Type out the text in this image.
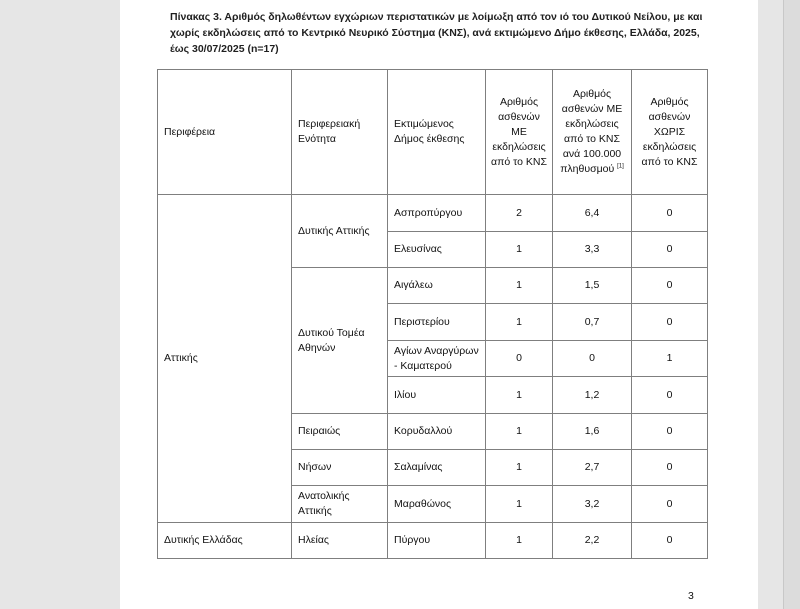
Πίνακας 3. Αριθμός δηλωθέντων εγχώριων περιστατικών με λοίμωξη από τον ιό του Δυτικού Νείλου, με και χωρίς εκδηλώσεις από το Κεντρικό Νευρικό Σύστημα (ΚΝΣ), ανά εκτιμώμενο Δήμο έκθεσης, Ελλάδα, 2025, έως 30/07/2025 (n=17)
Περιφέρεια	Περιφερειακή Ενότητα	Εκτιμώμενος Δήμος έκθεσης	Αριθμός ασθενών ΜΕ εκδηλώσεις από το ΚΝΣ	Αριθμός ασθενών ΜΕ εκδηλώσεις από το ΚΝΣ ανά 100.000 πληθυσμού [1]	Αριθμός ασθενών ΧΩΡΙΣ εκδηλώσεις από το ΚΝΣ
Αττικής	Δυτικής Αττικής	Ασπροπύργου	2	6,4	0
		Ελευσίνας	1	3,3	0
	Δυτικού Τομέα Αθηνών	Αιγάλεω	1	1,5	0
		Περιστερίου	1	0,7	0
		Αγίων Αναργύρων - Καματερού	0	0	1
		Ιλίου	1	1,2	0
	Πειραιώς	Κορυδαλλού	1	1,6	0
	Νήσων	Σαλαμίνας	1	2,7	0
	Ανατολικής Αττικής	Μαραθώνος	1	3,2	0
Δυτικής Ελλάδας	Ηλείας	Πύργου	1	2,2	0
3
